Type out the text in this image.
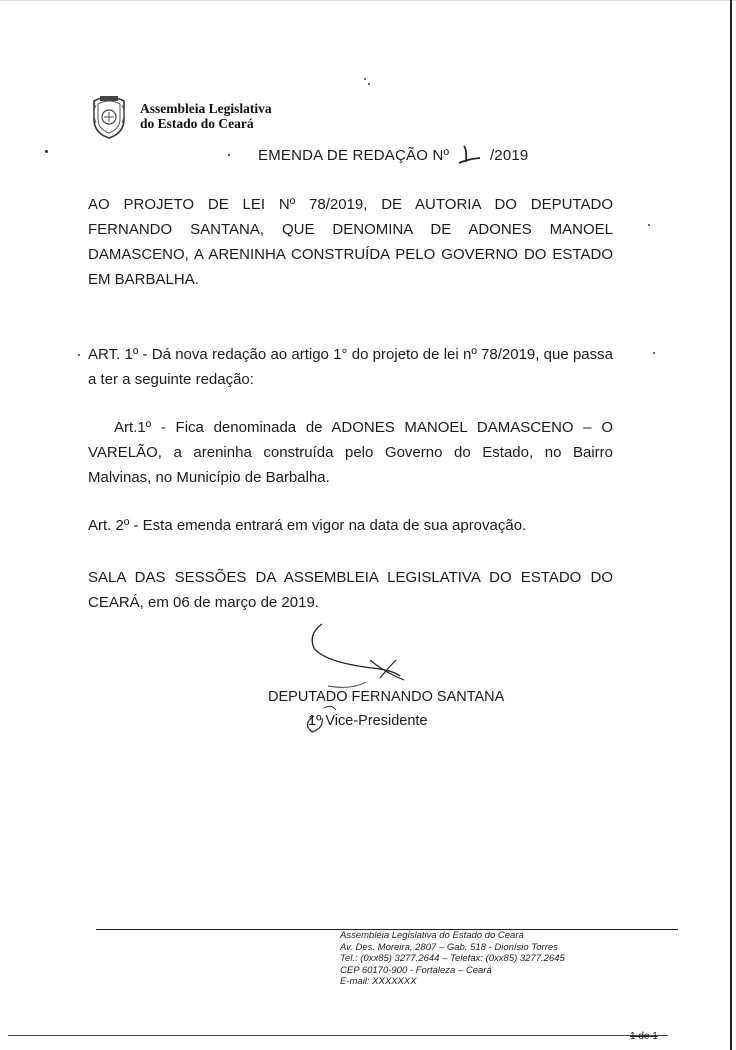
Assembleia Legislativa
do Estado do Ceará
EMENDA DE REDAÇÃO Nº	/2019
AO PROJETO DE LEI Nº 78/2019, DE AUTORIA DO DEPUTADO FERNANDO SANTANA, QUE DENOMINA DE ADONES MANOEL DAMASCENO, A ARENINHA CONSTRUÍDA PELO GOVERNO DO ESTADO EM BARBALHA.
ART. 1º - Dá nova redação ao artigo 1° do projeto de lei nº 78/2019, que passa a ter a seguinte redação:
Art.1º - Fica denominada de ADONES MANOEL DAMASCENO – O VARELÃO, a areninha construída pelo Governo do Estado, no Bairro Malvinas, no Município de Barbalha.
Art. 2º - Esta emenda entrará em vigor na data de sua aprovação.
SALA DAS SESSÕES DA ASSEMBLEIA LEGISLATIVA DO ESTADO DO CEARÁ, em 06 de março de 2019.
DEPUTADO FERNANDO SANTANA
1º Vice-Presidente
Assembléia Legislativa do Estado do Ceará
Av. Des. Moreira, 2807 – Gab. 518 - Dionísio Torres
Tel.: (0xx85) 3277.2644 – Telefax: (0xx85) 3277.2645
CEP 60170-900 - Fortaleza – Ceará
E-mail: XXXXXXX
1 de 1
